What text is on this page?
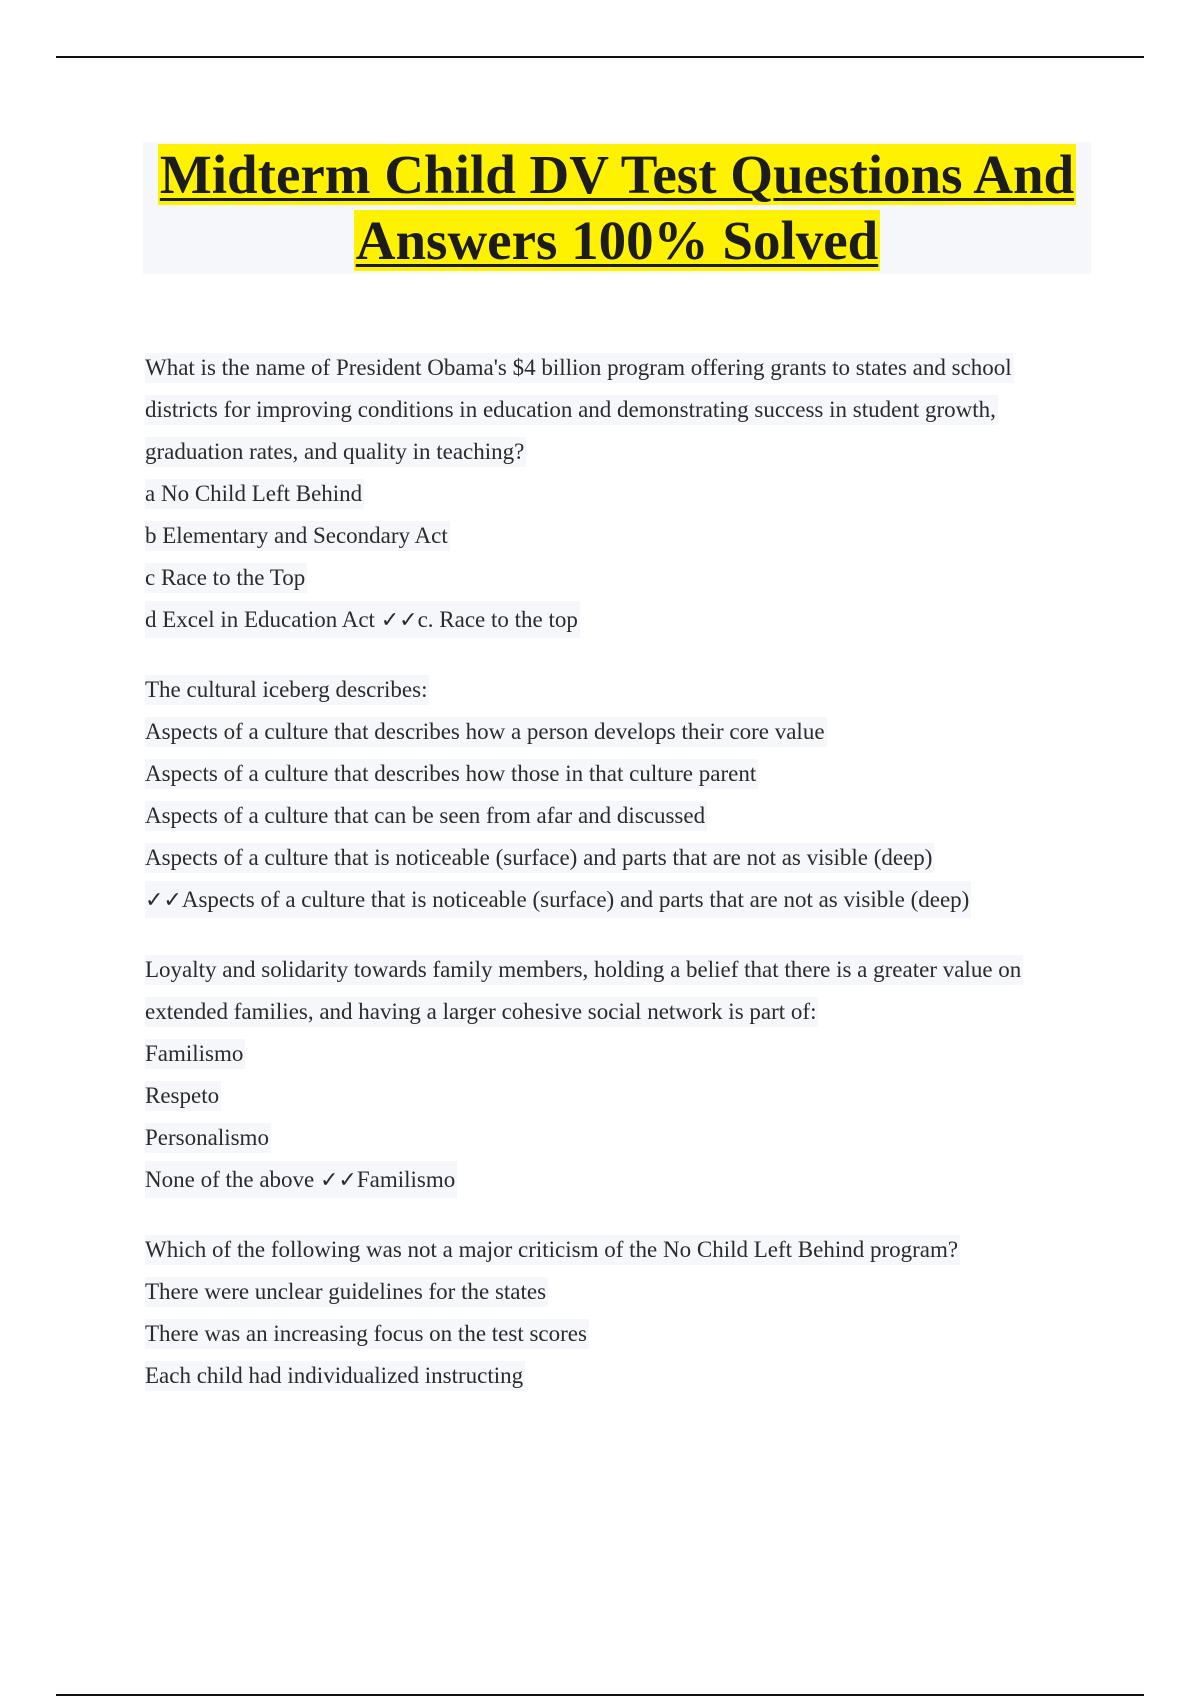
Midterm Child DV Test Questions And
Answers 100% Solved
What is the name of President Obama's $4 billion program offering grants to states and school
districts for improving conditions in education and demonstrating success in student growth,
graduation rates, and quality in teaching?
a No Child Left Behind
b Elementary and Secondary Act
c Race to the Top
d Excel in Education Act ✓✓c. Race to the top
The cultural iceberg describes:
Aspects of a culture that describes how a person develops their core value
Aspects of a culture that describes how those in that culture parent
Aspects of a culture that can be seen from afar and discussed
Aspects of a culture that is noticeable (surface) and parts that are not as visible (deep)
✓✓Aspects of a culture that is noticeable (surface) and parts that are not as visible (deep)
Loyalty and solidarity towards family members, holding a belief that there is a greater value on
extended families, and having a larger cohesive social network is part of:
Familismo
Respeto
Personalismo
None of the above ✓✓Familismo
Which of the following was not a major criticism of the No Child Left Behind program?
There were unclear guidelines for the states
There was an increasing focus on the test scores
Each child had individualized instructing
